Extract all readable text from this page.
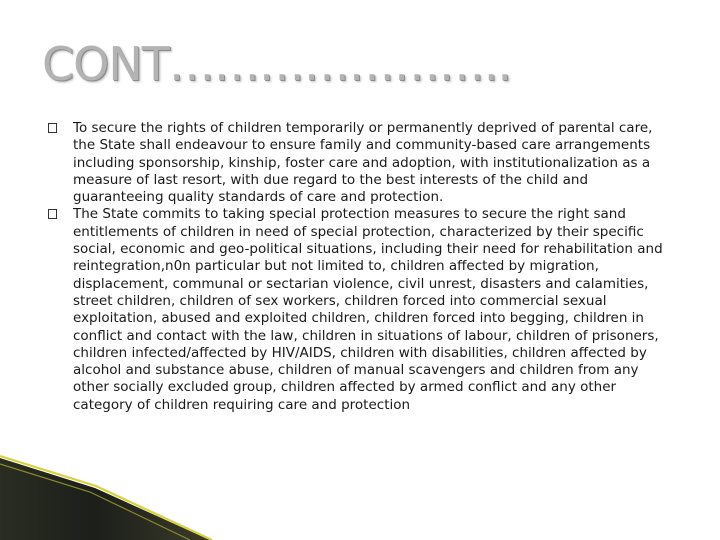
CONT…………………..
To secure the rights of children temporarily or permanently deprived of parental care, the State shall endeavour to ensure family and community-based care arrangements including sponsorship, kinship, foster care and adoption, with institutionalization as a measure of last resort, with due regard to the best interests of the child and guaranteeing quality standards of care and protection.
The State commits to taking special protection measures to secure the right sand entitlements of children in need of special protection, characterized by their specific social, economic and geo-political situations, including their need for rehabilitation and reintegration,n0n particular but not limited to, children affected by migration, displacement, communal or sectarian violence, civil unrest, disasters and calamities, street children, children of sex workers, children forced into commercial sexual exploitation, abused and exploited children, children forced into begging, children in conflict and contact with the law, children in situations of labour, children of prisoners, children infected/affected by HIV/AIDS, children with disabilities, children affected by alcohol and substance abuse, children of manual scavengers and children from any other socially excluded group, children affected by armed conflict and any other category of children requiring care and protection
